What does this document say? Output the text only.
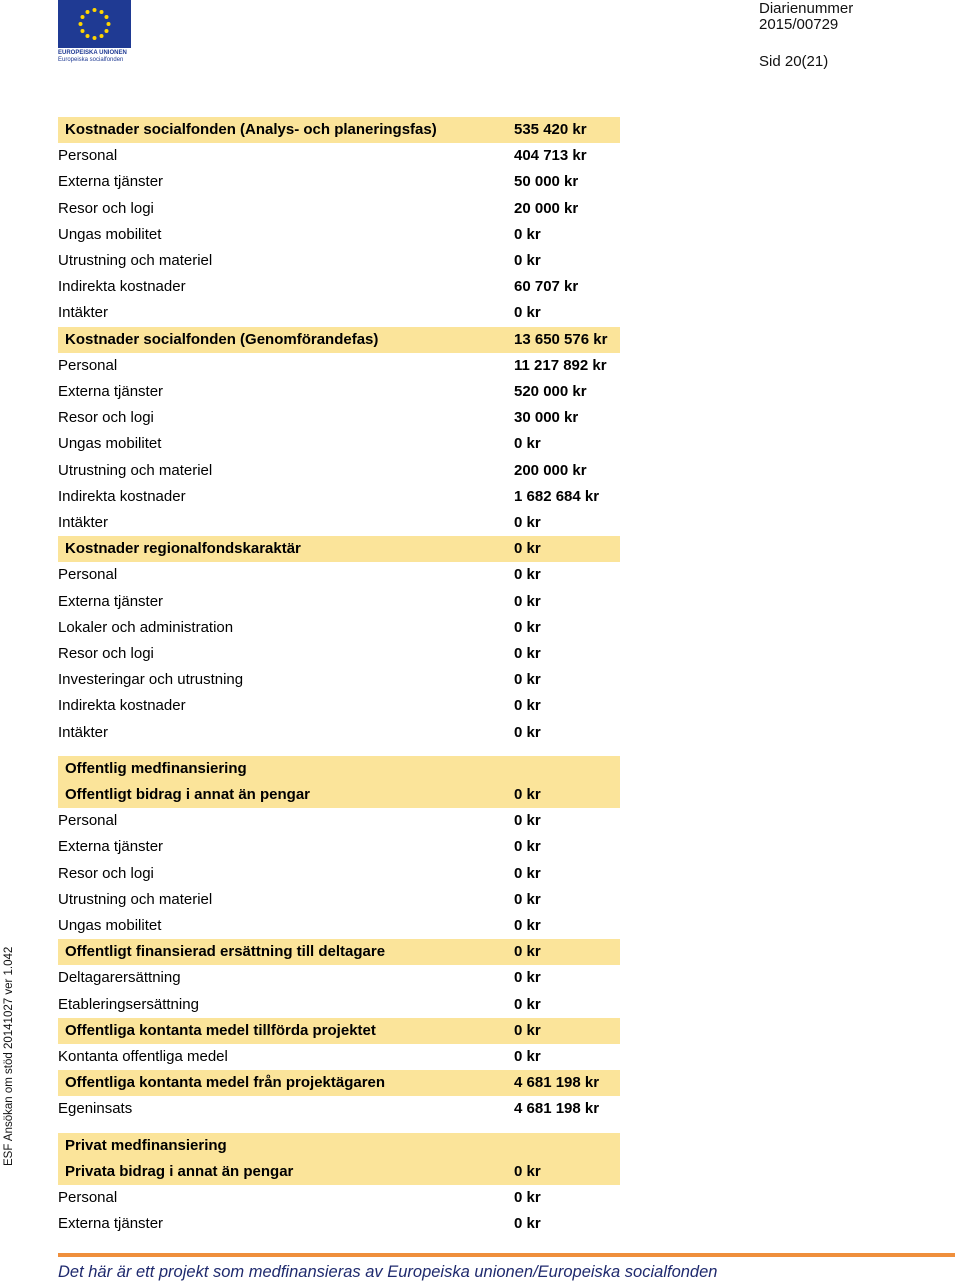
EUROPEISKA UNIONEN
Europeiska socialfonden
Diarienummer
2015/00729
Sid 20(21)
Kostnader socialfonden (Analys- och planeringsfas)	535 420 kr
Personal	404 713 kr
Externa tjänster	50 000 kr
Resor och logi	20 000 kr
Ungas mobilitet	0 kr
Utrustning och materiel	0 kr
Indirekta kostnader	60 707 kr
Intäkter	0 kr
Kostnader socialfonden (Genomförandefas)	13 650 576 kr
Personal	11 217 892 kr
Externa tjänster	520 000 kr
Resor och logi	30 000 kr
Ungas mobilitet	0 kr
Utrustning och materiel	200 000 kr
Indirekta kostnader	1 682 684 kr
Intäkter	0 kr
Kostnader regionalfondskaraktär	0 kr
Personal	0 kr
Externa tjänster	0 kr
Lokaler och administration	0 kr
Resor och logi	0 kr
Investeringar och utrustning	0 kr
Indirekta kostnader	0 kr
Intäkter	0 kr
Offentlig medfinansiering
Offentligt bidrag i annat än pengar	0 kr
Personal	0 kr
Externa tjänster	0 kr
Resor och logi	0 kr
Utrustning och materiel	0 kr
Ungas mobilitet	0 kr
Offentligt finansierad ersättning till deltagare	0 kr
Deltagarersättning	0 kr
Etableringsersättning	0 kr
Offentliga kontanta medel tillförda projektet	0 kr
Kontanta offentliga medel	0 kr
Offentliga kontanta medel från projektägaren	4 681 198 kr
Egeninsats	4 681 198 kr
Privat medfinansiering
Privata bidrag i annat än pengar	0 kr
Personal	0 kr
Externa tjänster	0 kr
ESF Ansökan om stöd 20141027 ver 1.042
Det här är ett projekt som medfinansieras av Europeiska unionen/Europeiska socialfonden
